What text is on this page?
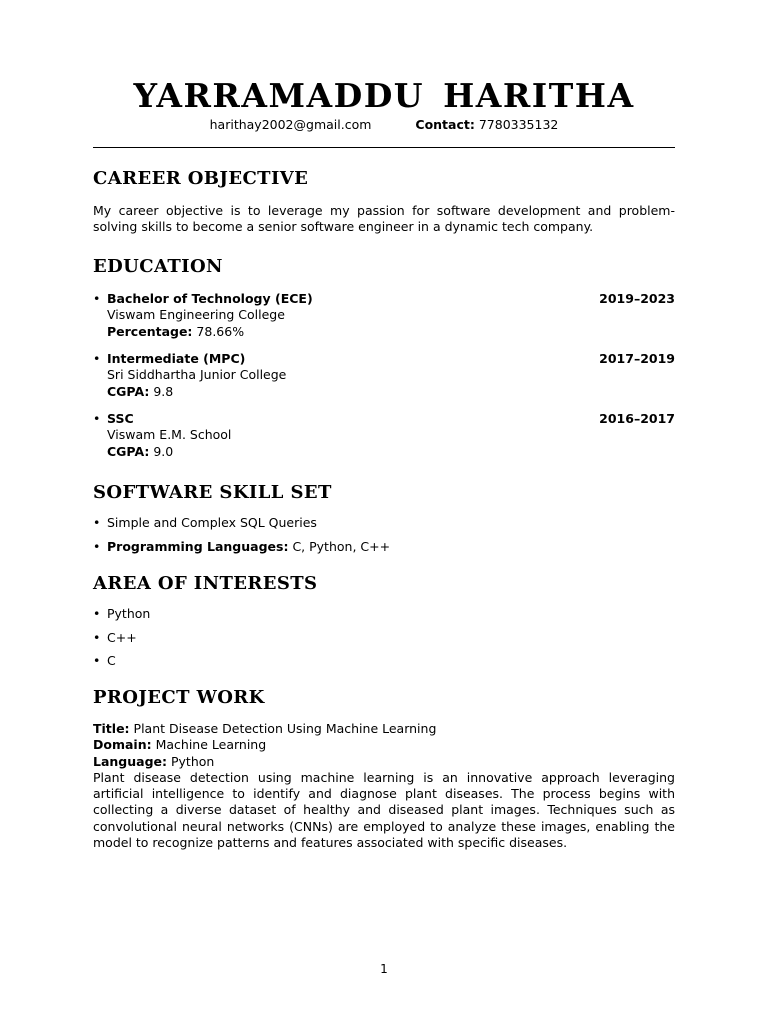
YARRAMADDU HARITHA
harithay2002@gmail.com	Contact: 7780335132
CAREER OBJECTIVE
My career objective is to leverage my passion for software development and problem-solving skills to become a senior software engineer in a dynamic tech company.
EDUCATION
• Bachelor of Technology (ECE)	2019–2023
Viswam Engineering College
Percentage: 78.66%
• Intermediate (MPC)	2017–2019
Sri Siddhartha Junior College
CGPA: 9.8
• SSC	2016–2017
Viswam E.M. School
CGPA: 9.0
SOFTWARE SKILL SET
• Simple and Complex SQL Queries
• Programming Languages: C, Python, C++
AREA OF INTERESTS
• Python
• C++
• C
PROJECT WORK
Title: Plant Disease Detection Using Machine Learning
Domain: Machine Learning
Language: Python
Plant disease detection using machine learning is an innovative approach leveraging artificial intelligence to identify and diagnose plant diseases. The process begins with collecting a diverse dataset of healthy and diseased plant images. Techniques such as convolutional neural networks (CNNs) are employed to analyze these images, enabling the model to recognize patterns and features associated with specific diseases.
1
